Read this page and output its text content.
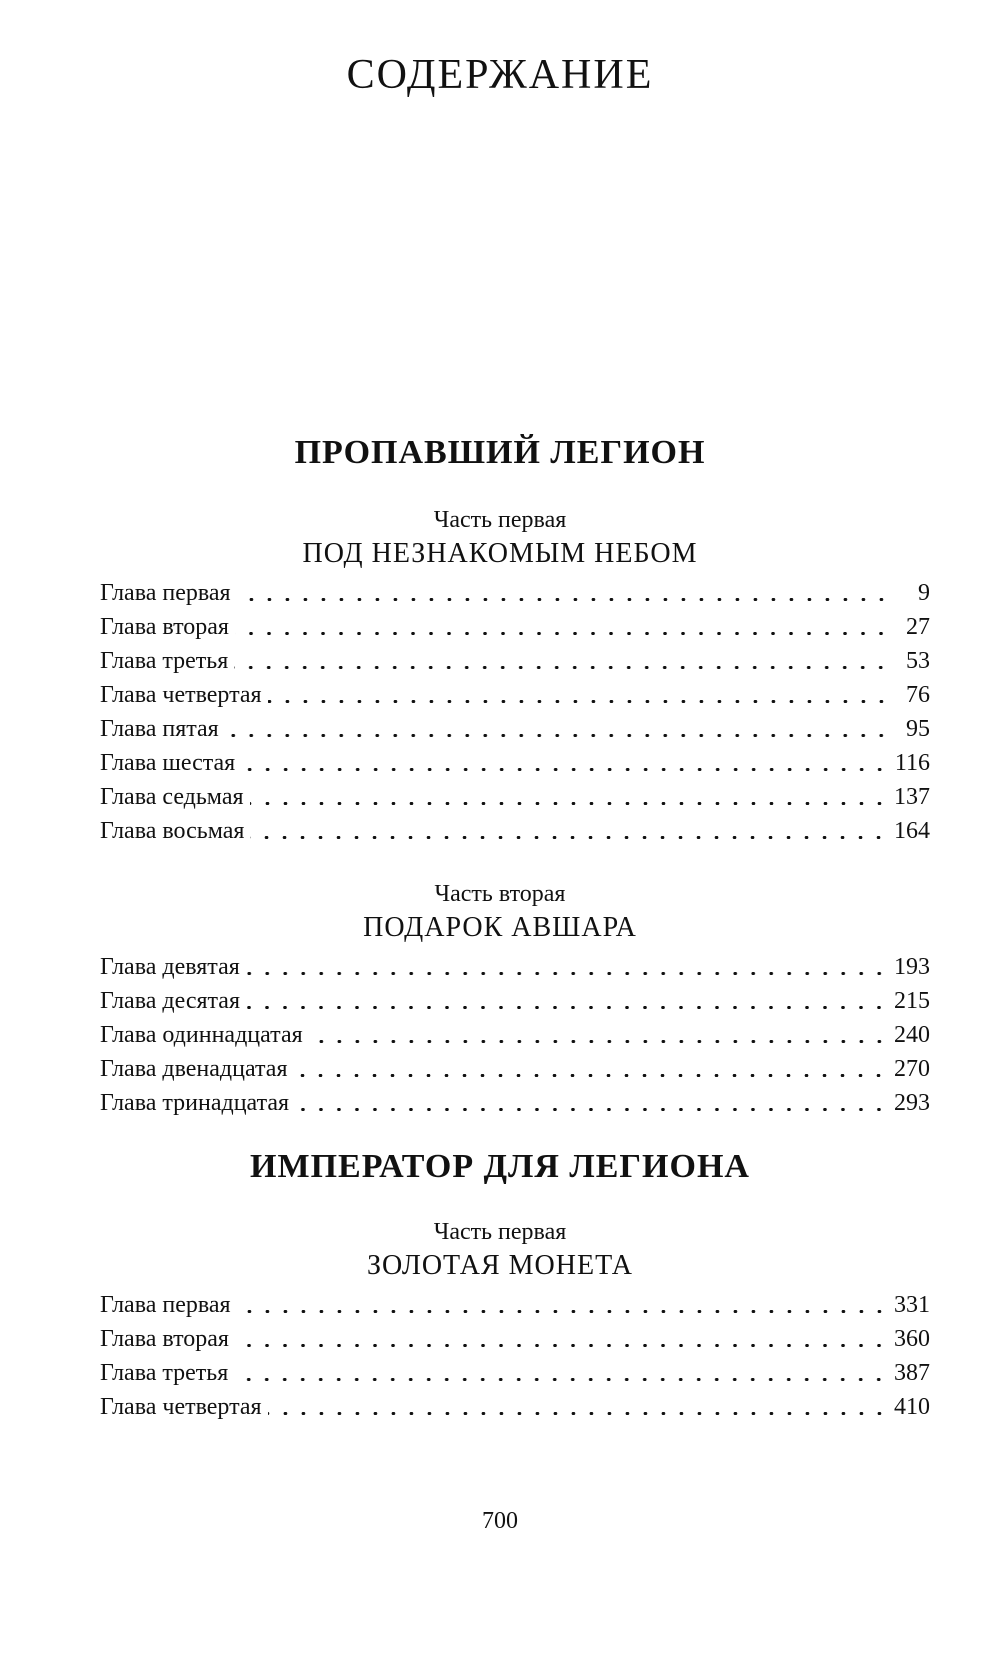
СОДЕРЖАНИЕ
ПРОПАВШИЙ ЛЕГИОН
Часть первая
ПОД НЕЗНАКОМЫМ НЕБОМ
Глава первая	9
Глава вторая	27
Глава третья	53
Глава четвертая	76
Глава пятая	95
Глава шестая	116
Глава седьмая	137
Глава восьмая	164
Часть вторая
ПОДАРОК АВШАРА
Глава девятая	193
Глава десятая	215
Глава одиннадцатая	240
Глава двенадцатая	270
Глава тринадцатая	293
ИМПЕРАТОР ДЛЯ ЛЕГИОНА
Часть первая
ЗОЛОТАЯ МОНЕТА
Глава первая	331
Глава вторая	360
Глава третья	387
Глава четвертая	410
700
